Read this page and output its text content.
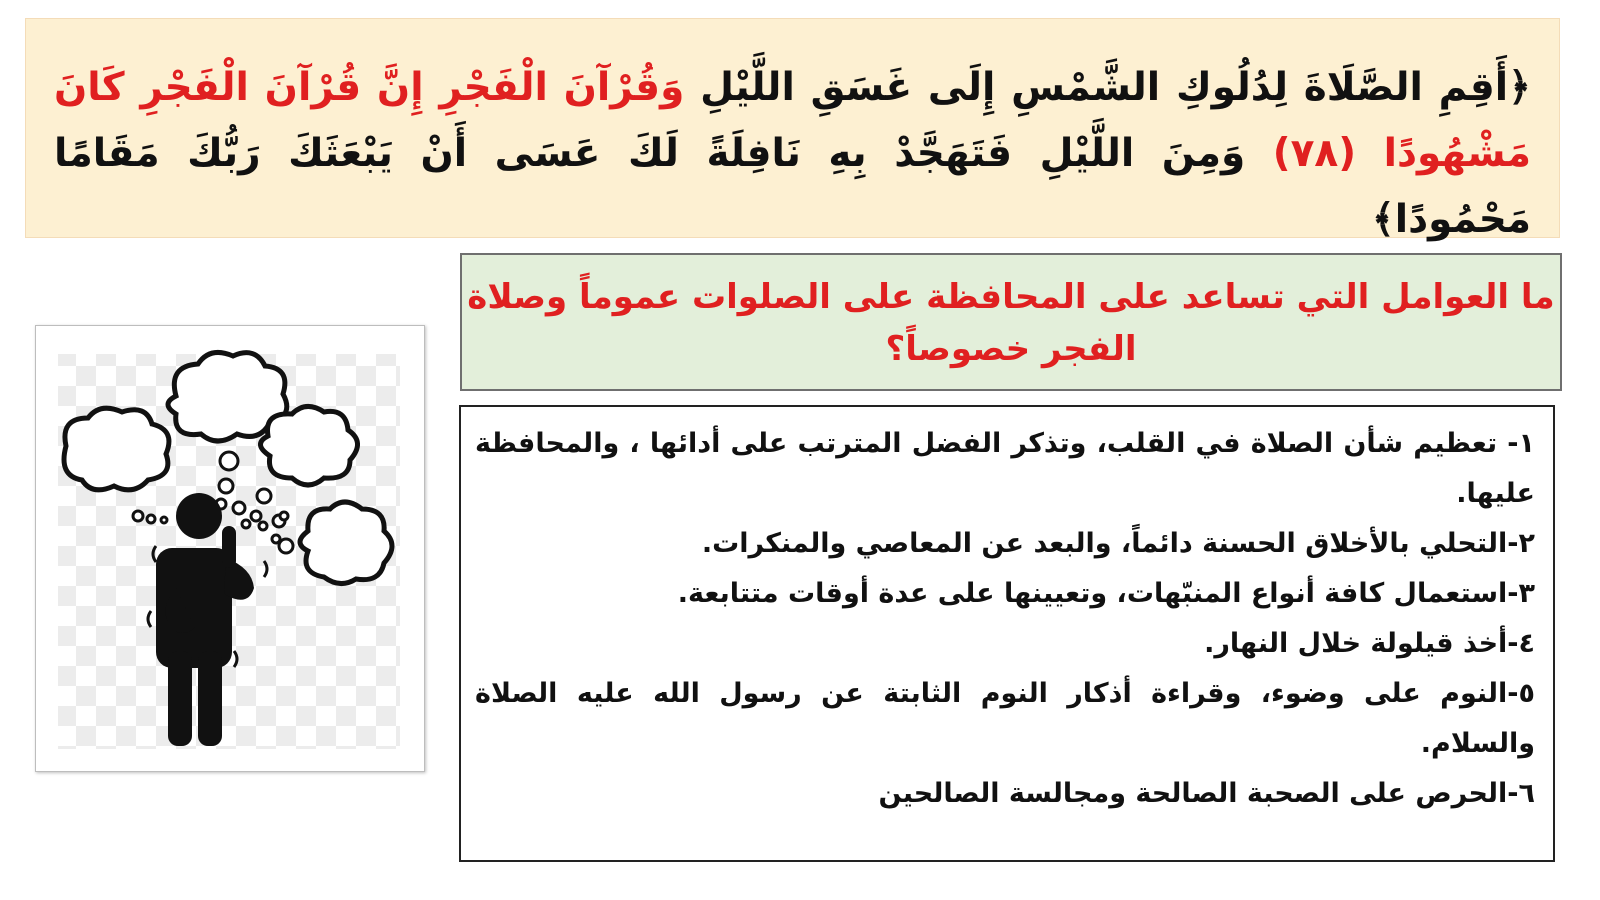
﴿أَقِمِ الصَّلَاةَ لِدُلُوكِ الشَّمْسِ إِلَى غَسَقِ اللَّيْلِ وَقُرْآنَ الْفَجْرِ إِنَّ قُرْآنَ الْفَجْرِ كَانَ مَشْهُودًا (٧٨) وَمِنَ اللَّيْلِ فَتَهَجَّدْ بِهِ نَافِلَةً لَكَ عَسَى أَنْ يَبْعَثَكَ رَبُّكَ مَقَامًا مَحْمُودًا﴾
ما العوامل التي تساعد على المحافظة على الصلوات عموماً وصلاة الفجر خصوصاً؟
١- تعظيم شأن الصلاة في القلب، وتذكر الفضل المترتب على أدائها ، والمحافظة عليها.
٢-التحلي بالأخلاق الحسنة دائماً، والبعد عن المعاصي والمنكرات.
٣-استعمال كافة أنواع المنبّهات، وتعيينها على عدة أوقات متتابعة.
٤-أخذ قيلولة خلال النهار.
٥-النوم على وضوء، وقراءة أذكار النوم الثابتة عن رسول الله عليه الصلاة والسلام.
٦-الحرص على الصحبة الصالحة ومجالسة الصالحين
